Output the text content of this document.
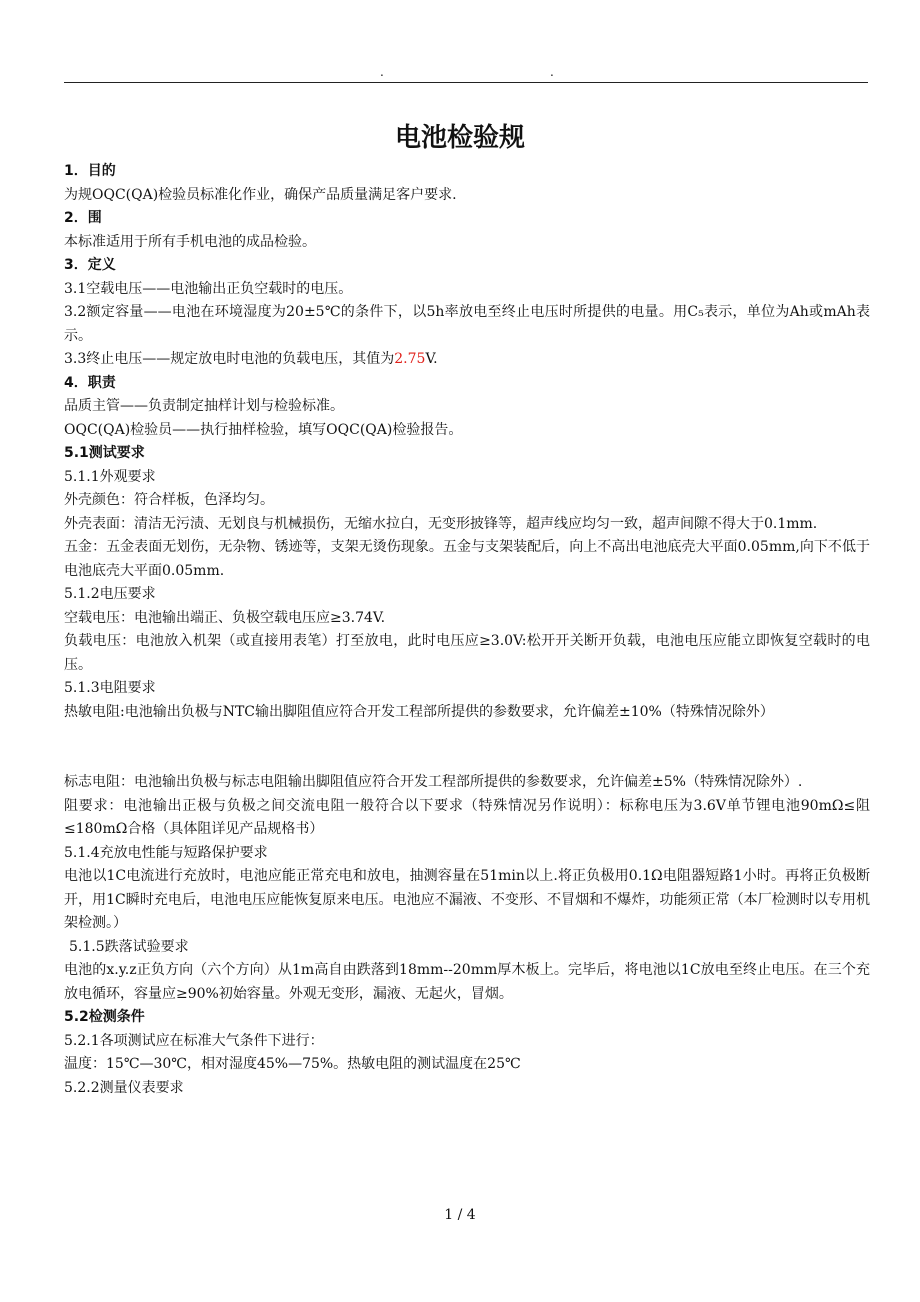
.	.
电池检验规
1．目的
为规OQC(QA)检验员标准化作业，确保产品质量满足客户要求.
2．围
本标准适用于所有手机电池的成品检验。
3．定义
3.1空载电压——电池输出正负空载时的电压。
3.2额定容量——电池在环境湿度为20±5℃的条件下，以5h率放电至终止电压时所提供的电量。用C₅表示，单位为Ah或mAh表示。
3.3终止电压——规定放电时电池的负载电压，其值为2.75V.
4．职责
品质主管——负责制定抽样计划与检验标准。
OQC(QA)检验员——执行抽样检验，填写OQC(QA)检验报告。
5.1测试要求
5.1.1外观要求
外壳颜色：符合样板，色泽均匀。
外壳表面：清洁无污渍、无划良与机械损伤，无缩水拉白，无变形披锋等，超声线应均匀一致，超声间隙不得大于0.1mm.
五金：五金表面无划伤，无杂物、锈迹等，支架无烫伤现象。五金与支架装配后，向上不高出电池底壳大平面0.05mm,向下不低于电池底壳大平面0.05mm.
5.1.2电压要求
空载电压：电池输出端正、负极空载电压应≥3.74V.
负载电压：电池放入机架（或直接用表笔）打至放电，此时电压应≥3.0V:松开开关断开负载，电池电压应能立即恢复空载时的电压。
5.1.3电阻要求
热敏电阻:电池输出负极与NTC输出脚阻值应符合开发工程部所提供的参数要求，允许偏差±10%（特殊情况除外）
标志电阻：电池输出负极与标志电阻输出脚阻值应符合开发工程部所提供的参数要求，允许偏差±5%（特殊情况除外）.
阻要求：电池输出正极与负极之间交流电阻一般符合以下要求（特殊情况另作说明）：标称电压为3.6V单节锂电池90mΩ≤阻≤180mΩ合格（具体阻详见产品规格书）
5.1.4充放电性能与短路保护要求
电池以1C电流进行充放时，电池应能正常充电和放电，抽测容量在51min以上.将正负极用0.1Ω电阻器短路1小时。再将正负极断开，用1C瞬时充电后，电池电压应能恢复原来电压。电池应不漏液、不变形、不冒烟和不爆炸，功能须正常（本厂检测时以专用机架检测。）
5.1.5跌落试验要求
电池的x.y.z正负方向（六个方向）从1m高自由跌落到18mm--20mm厚木板上。完毕后，将电池以1C放电至终止电压。在三个充放电循环，容量应≥90%初始容量。外观无变形，漏液、无起火，冒烟。
5.2检测条件
5.2.1各项测试应在标准大气条件下进行：
温度：15℃—30℃，相对湿度45%—75%。热敏电阻的测试温度在25℃
5.2.2测量仪表要求
1 / 4
